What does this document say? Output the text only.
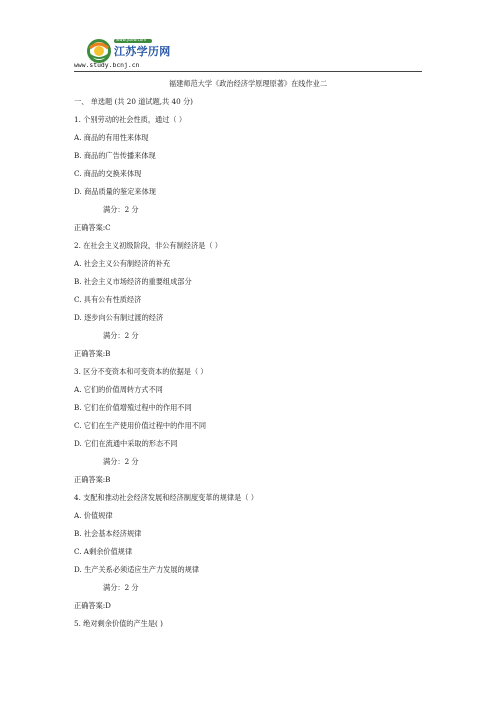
www.jsxlw.com
江苏学历网
www.study.bcnj.cn
福建师范大学《政治经济学原理原著》在线作业二
一、 单选题 (共 20 道试题,共 40 分)
1. 个别劳动的社会性质，通过（ ）
A. 商品的有用性来体现
B. 商品的广告传播来体现
C. 商品的交换来体现
D. 商品质量的鉴定来体现
满分：2 分
正确答案:C
2. 在社会主义初级阶段，非公有制经济是（ ）
A. 社会主义公有制经济的补充
B. 社会主义市场经济的重要组成部分
C. 具有公有性质经济
D. 逐步向公有制过渡的经济
满分：2 分
正确答案:B
3. 区分不变资本和可变资本的依据是（ ）
A. 它们的价值周转方式不同
B. 它们在价值增殖过程中的作用不同
C. 它们在生产使用价值过程中的作用不同
D. 它们在流通中采取的形态不同
满分：2 分
正确答案:B
4. 支配和推动社会经济发展和经济制度变革的规律是（ ）
A. 价值规律
B. 社会基本经济规律
C. A剩余价值规律
D. 生产关系必须适应生产力发展的规律
满分：2 分
正确答案:D
5. 绝对剩余价值的产生是( )
